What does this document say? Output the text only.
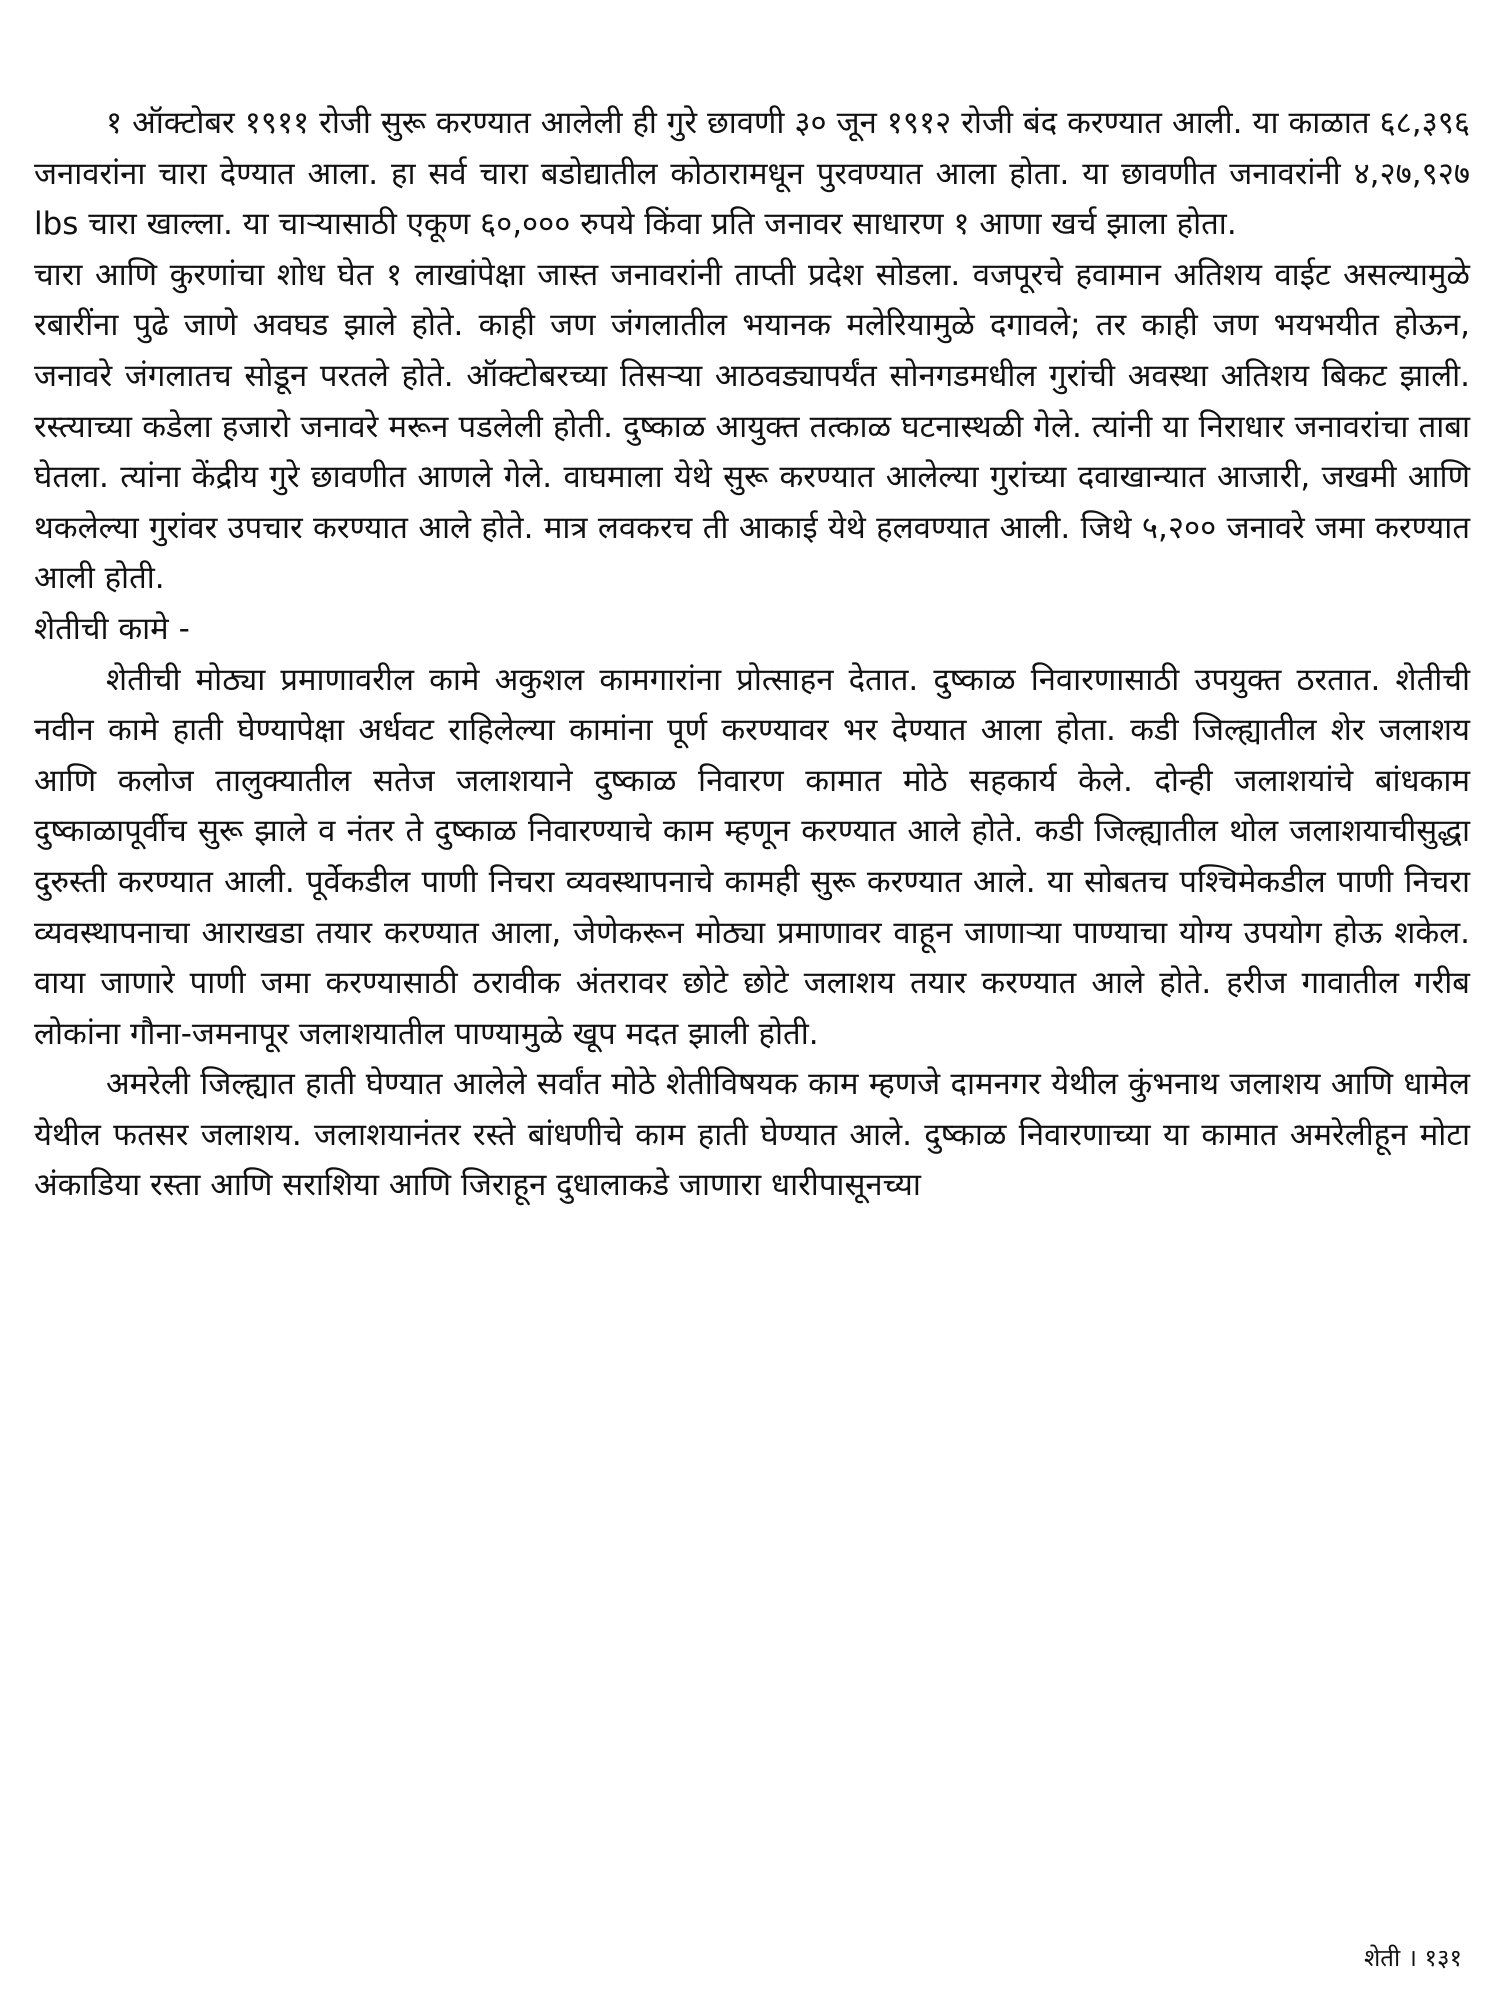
१ ऑक्टोबर १९११ रोजी सुरू करण्यात आलेली ही गुरे छावणी ३० जून १९१२ रोजी बंद करण्यात आली. या काळात ६८,३९६ जनावरांना चारा देण्यात आला. हा सर्व चारा बडोद्यातील कोठारामधून पुरवण्यात आला होता. या छावणीत जनावरांनी ४,२७,९२७ lbs चारा खाल्ला. या चाऱ्यासाठी एकूण ६०,००० रुपये किंवा प्रति जनावर साधारण १ आणा खर्च झाला होता.

चारा आणि कुरणांचा शोध घेत १ लाखांपेक्षा जास्त जनावरांनी ताप्ती प्रदेश सोडला. वजपूरचे हवामान अतिशय वाईट असल्यामुळे रबारींना पुढे जाणे अवघड झाले होते. काही जण जंगलातील भयानक मलेरियामुळे दगावले; तर काही जण भयभयीत होऊन, जनावरे जंगलातच सोडून परतले होते. ऑक्टोबरच्या तिसऱ्या आठवड्यापर्यंत सोनगडमधील गुरांची अवस्था अतिशय बिकट झाली. रस्त्याच्या कडेला हजारो जनावरे मरून पडलेली होती. दुष्काळ आयुक्त तत्काळ घटनास्थळी गेले. त्यांनी या निराधार जनावरांचा ताबा घेतला. त्यांना केंद्रीय गुरे छावणीत आणले गेले. वाघमाला येथे सुरू करण्यात आलेल्या गुरांच्या दवाखान्यात आजारी, जखमी आणि थकलेल्या गुरांवर उपचार करण्यात आले होते. मात्र लवकरच ती आकाई येथे हलवण्यात आली. जिथे ५,२०० जनावरे जमा करण्यात आली होती.

शेतीची कामे -

शेतीची मोठ्या प्रमाणावरील कामे अकुशल कामगारांना प्रोत्साहन देतात. दुष्काळ निवारणासाठी उपयुक्त ठरतात. शेतीची नवीन कामे हाती घेण्यापेक्षा अर्धवट राहिलेल्या कामांना पूर्ण करण्यावर भर देण्यात आला होता. कडी जिल्ह्यातील शेर जलाशय आणि कलोज तालुक्यातील सतेज जलाशयाने दुष्काळ निवारण कामात मोठे सहकार्य केले. दोन्ही जलाशयांचे बांधकाम दुष्काळापूर्वीच सुरू झाले व नंतर ते दुष्काळ निवारण्याचे काम म्हणून करण्यात आले होते. कडी जिल्ह्यातील थोल जलाशयाचीसुद्धा दुरुस्ती करण्यात आली. पूर्वेकडील पाणी निचरा व्यवस्थापनाचे कामही सुरू करण्यात आले. या सोबतच पश्चिमेकडील पाणी निचरा व्यवस्थापनाचा आराखडा तयार करण्यात आला, जेणेकरून मोठ्या प्रमाणावर वाहून जाणाऱ्या पाण्याचा योग्य उपयोग होऊ शकेल. वाया जाणारे पाणी जमा करण्यासाठी ठरावीक अंतरावर छोटे छोटे जलाशय तयार करण्यात आले होते. हरीज गावातील गरीब लोकांना गौना-जमनापूर जलाशयातील पाण्यामुळे खूप मदत झाली होती.

अमरेली जिल्ह्यात हाती घेण्यात आलेले सर्वांत मोठे शेतीविषयक काम म्हणजे दामनगर येथील कुंभनाथ जलाशय आणि धामेल येथील फतसर जलाशय. जलाशयानंतर रस्ते बांधणीचे काम हाती घेण्यात आले. दुष्काळ निवारणाच्या या कामात अमरेलीहून मोटा अंकाडिया रस्ता आणि सराशिया आणि जिराहून दुधालाकडे जाणारा धारीपासूनच्या

शेती । १३१
